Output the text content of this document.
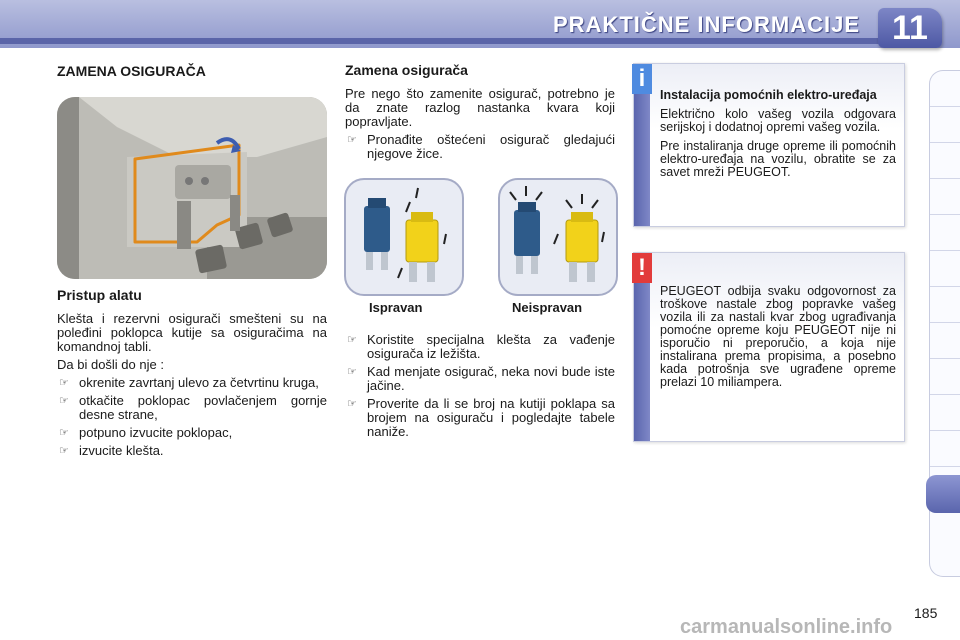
PRAKTIČNE INFORMACIJE 11
ZAMENA OSIGURAČA
Pristup alatu

Klešta i rezervni osigurači smešteni su na poleđini poklopca kutije sa osiguračima na komandnoj tabli.

Da bi došli do nje :

☞ okrenite zavrtanj ulevo za četvrtinu kruga,
☞ otkačite poklopac povlačenjem gornje desne strane,
☞ potpuno izvucite poklopac,
☞ izvucite klešta.
Zamena osigurača

Pre nego što zamenite osigurač, potrebno je da znate razlog nastanka kvara koji popravljate.

☞ Pronađite oštećeni osigurač gledajući njegove žice.
Ispravan	Neispravan
☞ Koristite specijalna klešta za vađenje osigurača iz ležišta.
☞ Kad menjate osigurač, neka novi bude iste jačine.
☞ Proverite da li se broj na kutiji poklapa sa brojem na osiguraču i pogledajte tabele naniže.
i

Instalacija pomoćnih elektro-uređaja

Električno kolo vašeg vozila odgovara serijskoj i dodatnoj opremi vašeg vozila.

Pre instaliranja druge opreme ili pomoćnih elektro-uređaja na vozilu, obratite se za savet mreži PEUGEOT.

!

PEUGEOT odbija svaku odgovornost za troškove nastale zbog popravke vašeg vozila ili za nastali kvar zbog ugrađivanja pomoćne opreme koju PEUGEOT nije ni isporučio ni preporučio, a koja nije instalirana prema propisima, a posebno kada potrošnja sve ugrađene opreme prelazi 10 miliampera.

185
carmanualsonline.info
